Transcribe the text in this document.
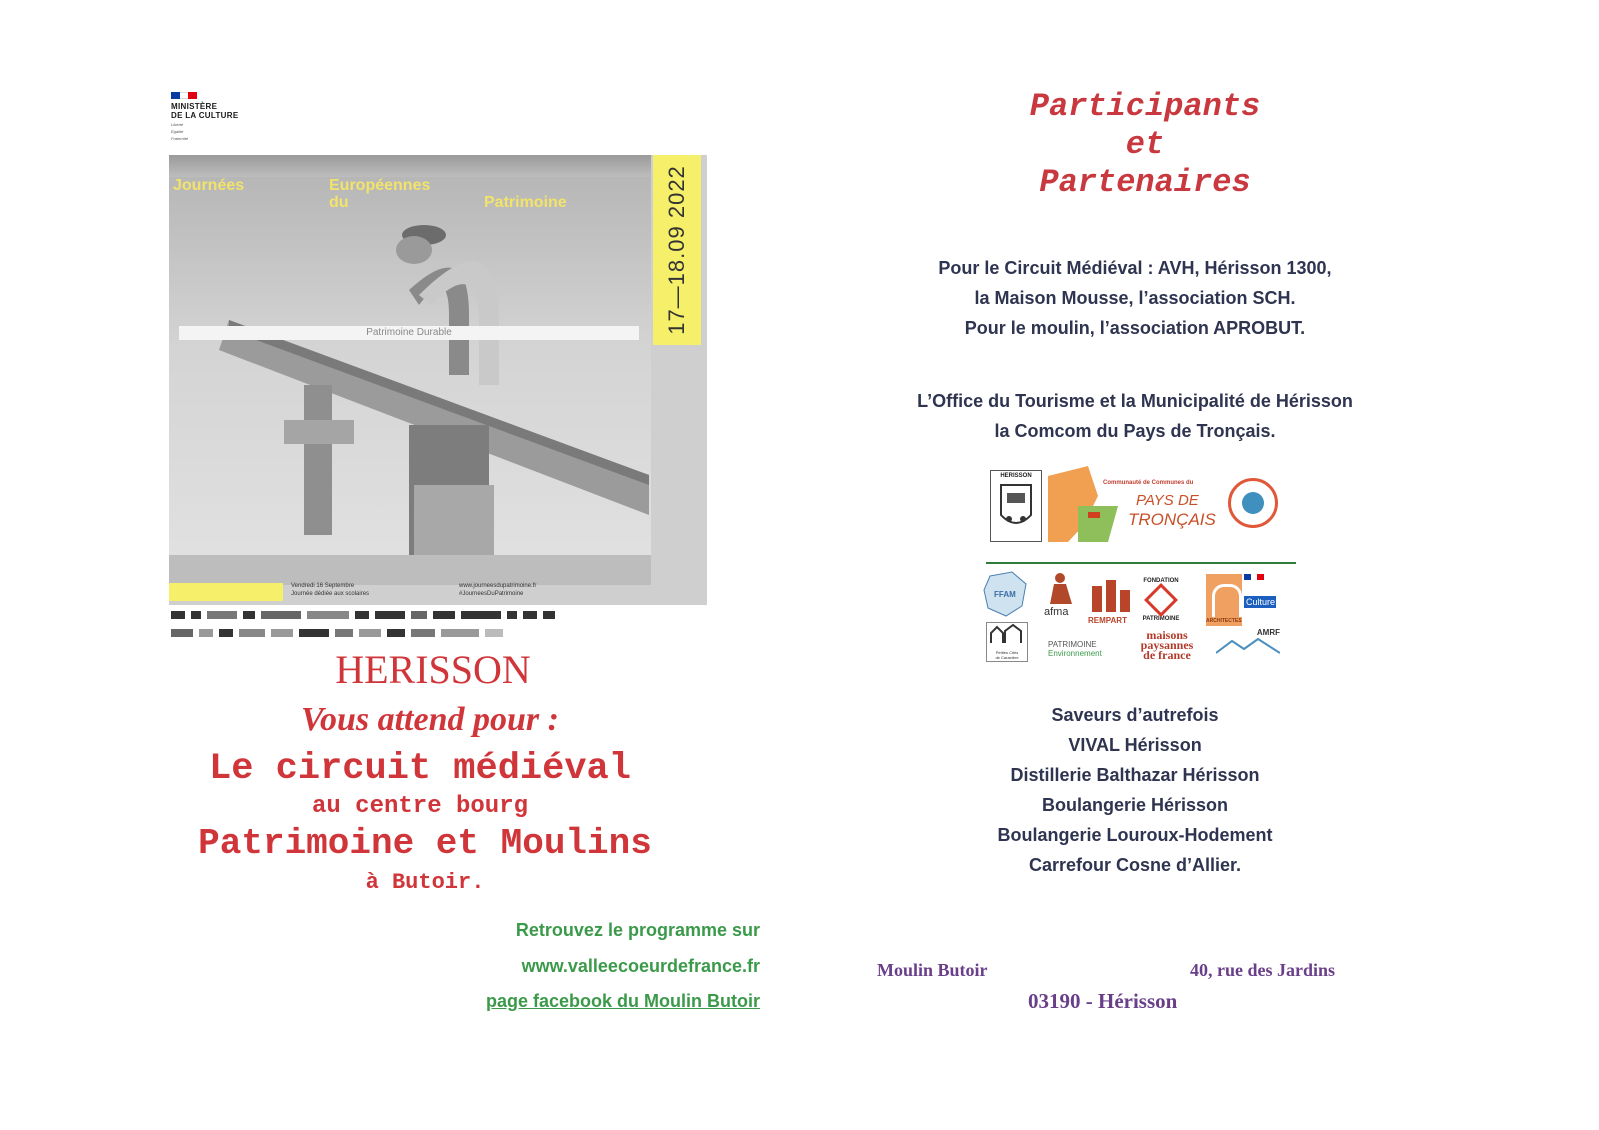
MINISTÈRE
DE LA CULTURE
Liberté
Égalité
Fraternité
Journées	Européennes
du	Patrimoine	17—18.09 2022
Patrimoine Durable
Vendredi 16 Septembre
Journée dédiée aux scolaires
www.journeesdupatrimoine.fr
#JourneesDuPatrimoine
HERISSON
Vous attend pour :
Le circuit médiéval
au centre bourg
Patrimoine et Moulins
à Butoir.
Retrouvez le programme sur
www.valleecoeurdefrance.fr
page facebook du Moulin Butoir
Participants
et
Partenaires
Pour le Circuit Médiéval : AVH, Hérisson 1300,
la Maison Mousse, l’association SCH.
Pour le moulin, l’association APROBUT.
L’Office du Tourisme et la Municipalité de Hérisson
la Comcom du Pays de Tronçais.
HERISSON
Communauté de Communes du
PAYS DE
TRONÇAIS
FFAM
afma
REMPART
FONDATION
PATRIMOINE	ARCHITECTES
Culture
Petites Cités
de Caractère
PATRIMOINE
Environnement
maisons
paysannes
de france
AMRF
Saveurs d’autrefois
VIVAL Hérisson
Distillerie Balthazar Hérisson
Boulangerie Hérisson
Boulangerie Louroux-Hodement
Carrefour Cosne d’Allier.
Moulin Butoir	40, rue des Jardins
03190 - Hérisson
